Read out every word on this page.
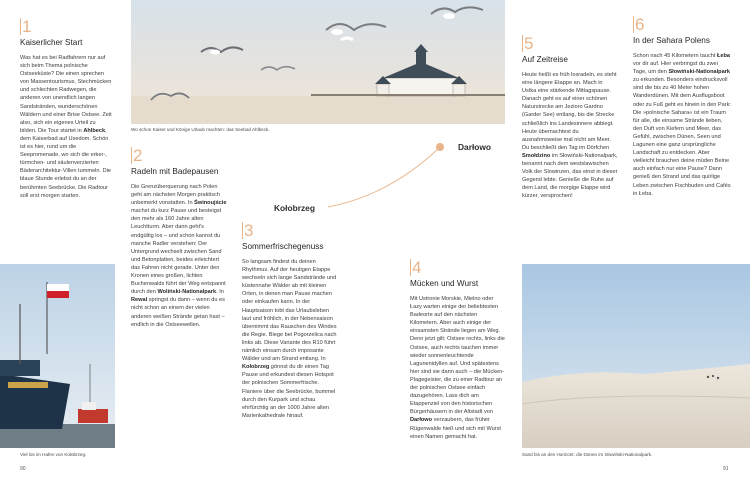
Wo schon Kaiser und Könige Urlaub machten: das Seebad Ahlbeck.
1
Kaiserlicher Start

Was hat es bei Radfahrern nur auf sich beim Thema polnische Ostseeküste? Die einen sprechen von Massentourismus, Stechmücken und schlechten Radwegen, die anderen von unendlich langen Sandstränden, wunderschönen Wäldern und einer Brise Ostsee. Zeit also, sich ein eigenes Urteil zu bilden. Die Tour startet in Ahlbeck, dem Kaiserbad auf Usedom. Schön ist es hier, rund um die Seepromenade, wo sich die erker-, türmchen- und säulenverzierten Bäderarchitektur-Villen tummeln. Die blaue Stunde erlebst du an der berühmten Seebrücke. Die Radtour soll erst morgen starten.

2
Radeln mit Badepausen

Die Grenzüberquerung nach Polen geht am nächsten Morgen praktisch unbemerkt vonstatten. In Świnoujście machst du kurz Pause und besteigst den mehr als 160 Jahre alten Leuchtturm. Aber dann geht's endgültig los – und schon kannst du manche Radler verstehen: Der Untergrund wechselt zwischen Sand und Betonplatten, beides erleichtert das Fahren nicht gerade. Unter den Kronen eines großen, lichten Buchenwalds führt der Weg entspannt durch den Woliński-Nationalpark. In Rewal springst du dann – wenn du es nicht schon an einem der vielen anderen weißen Strände getan hast – endlich in die Ostseewellen.

3
Sommerfrischegenuss

So langsam findest du deinen Rhythmus. Auf der heutigen Etappe wechseln sich lange Sandstrände und küstennahe Wälder ab mit kleinen Orten, in denen man Pause machen oder einkaufen kann. In der Hauptsaison tobt das Urlaubsleben laut und fröhlich, in der Nebensaison übernimmt das Rauschen des Windes die Regie. Biege bei Pogorzelica nach links ab. Diese Variante des R10 führt nämlich einsam durch imposante Wälder und am Strand entlang. In Kołobrzeg gönnst du dir einen Tag Pause und erkundest diesen Hotspot der polnischen Sommerfrische. Flaniere über die Seebrücke, bummel durch den Kurpark und schau ehrfürchtig an der 1000 Jahre alten Marienkathedrale hinauf.

4
Mücken und Wurst

Mit Ustronie Morskie, Mielno oder Łazy warten einige der beliebtesten Badeorte auf den nächsten Kilometern. Aber auch einige der einsamsten Strände liegen am Weg. Denn jetzt gilt: Ostsee rechts, links die Ostsee, auch rechts tauchen immer wieder sonnenleuchtende Lagunenidyllen auf. Und spätestens hier sind sie dann auch – die Mücken-Plagegeister, die zu einer Radtour an der polnischen Ostsee einfach dazugehören. Lass dich am Etappenziel von den historischen Bürgerhäusern in der Altstadt von Darłowo verzaubern, das früher Rügenwalde hieß und sich mit Wurst einen Namen gemacht hat.

5
Auf Zeitreise

Heute heißt es früh losradeln, es steht eine längere Etappe an. Mach in Ustka eine stärkende Mittagspause. Danach geht es auf einer schönen Naturstrecke am Jezioro Gardno (Garder See) entlang, bis die Strecke schließlich ins Landesinnere abbiegt. Heute übernachtest du ausnahmsweise mal nicht am Meer. Du beschließt den Tag im Dörfchen Smołdzino im Słowiński-Nationalpark, benannt nach dem westslawischen Volk der Slowinzen, das einst in dieser Gegend lebte. Genieße die Ruhe auf dem Land, die morgige Etappe wird kürzer, versprochen!

6
In der Sahara Polens

Schon nach 45 Kilometern taucht Łeba vor dir auf. Hier verbringst du zwei Tage, um den Słowiński-Nationalpark zu erkunden. Besonders eindrucksvoll sind die bis zu 40 Meter hohen Wanderdünen. Mit dem Ausflugsboot oder zu Fuß geht es hinein in den Park: Die »polnische Sahara« ist ein Traum für alle, die einsame Strände lieben, den Duft von Kiefern und Meer, das Gefühl, zwischen Dünen, Seen und Lagunen eine ganz ursprüngliche Landschaft zu entdecken. Aber vielleicht brauchen deine müden Beine auch einfach nur eine Pause? Dann genieß den Strand und das quirlige Leben zwischen Fischbuden und Cafés in Łeba.

Darłowo
Kołobrzeg
Viel los im Hafen von Kołobrzeg.	Sand bis an den Horizont: die Dünen im Słowiński-Nationalpark.
90	91
